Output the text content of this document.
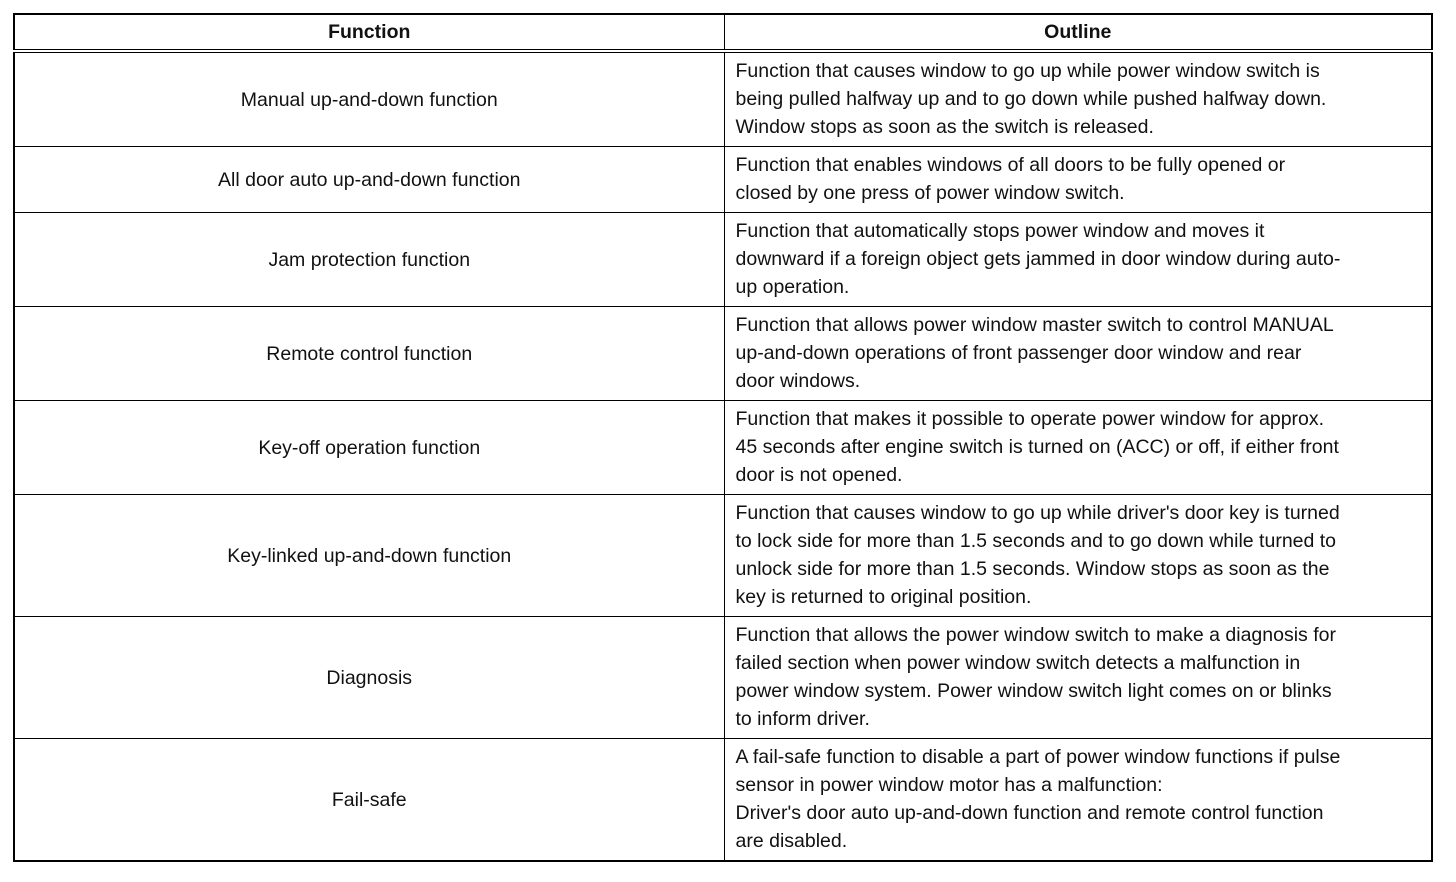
Function	Outline
Manual up-and-down function	Function that causes window to go up while power window switch is
being pulled halfway up and to go down while pushed halfway down.
Window stops as soon as the switch is released.

All door auto up-and-down function	Function that enables windows of all doors to be fully opened or
closed by one press of power window switch.

Jam protection function	Function that automatically stops power window and moves it
downward if a foreign object gets jammed in door window during auto-
up operation.

Remote control function	Function that allows power window master switch to control MANUAL
up-and-down operations of front passenger door window and rear
door windows.

Key-off operation function	Function that makes it possible to operate power window for approx.
45 seconds after engine switch is turned on (ACC) or off, if either front
door is not opened.

Key-linked up-and-down function	Function that causes window to go up while driver's door key is turned
to lock side for more than 1.5 seconds and to go down while turned to
unlock side for more than 1.5 seconds. Window stops as soon as the
key is returned to original position.

Diagnosis	Function that allows the power window switch to make a diagnosis for
failed section when power window switch detects a malfunction in
power window system. Power window switch light comes on or blinks
to inform driver.

Fail-safe	A fail-safe function to disable a part of power window functions if pulse
sensor in power window motor has a malfunction:
Driver's door auto up-and-down function and remote control function
are disabled.
